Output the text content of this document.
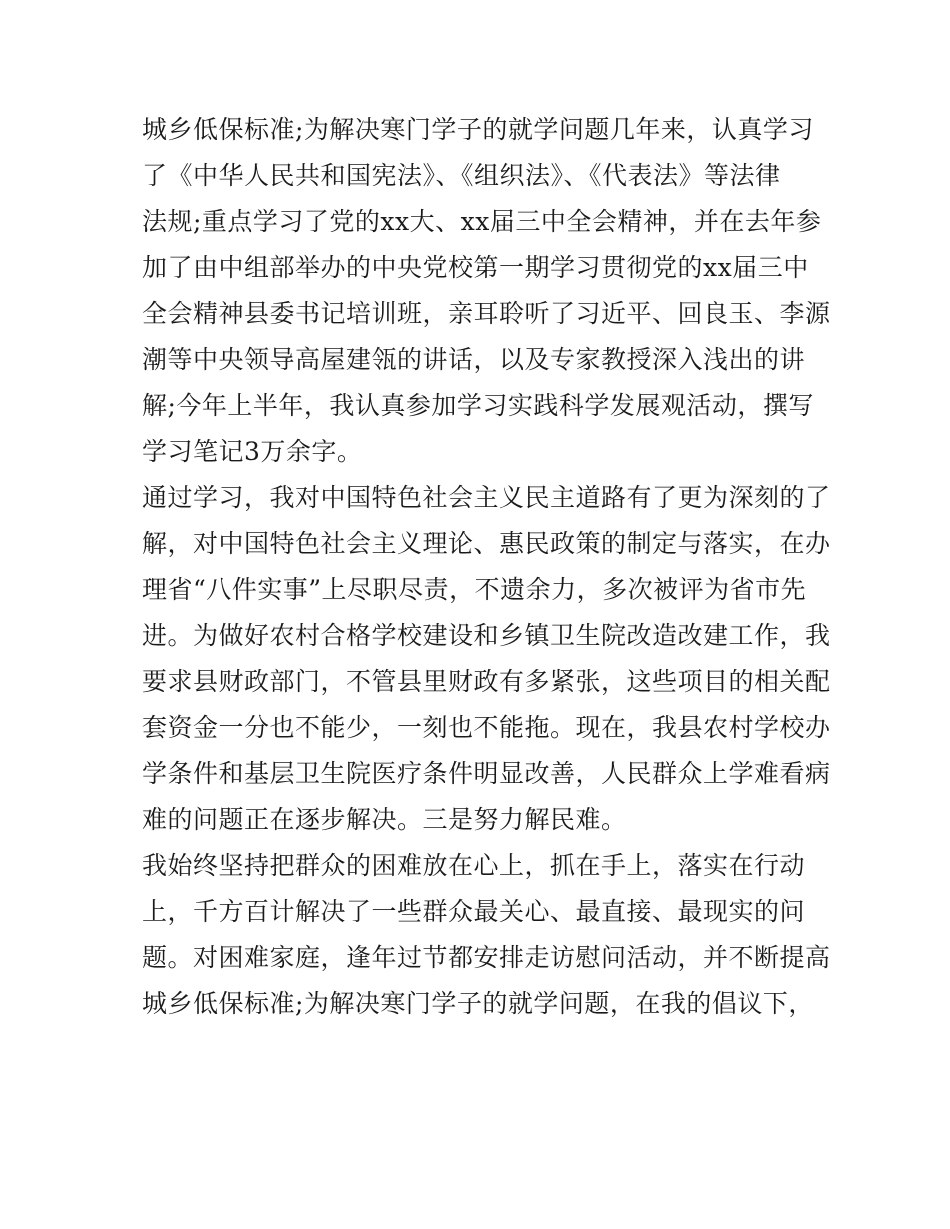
城乡低保标准;为解决寒门学子的就学问题几年来，认真学习
了《中华人民共和国宪法》、《组织法》、《代表法》等法律
法规;重点学习了党的xx大、xx届三中全会精神，并在去年参
加了由中组部举办的中央党校第一期学习贯彻党的xx届三中
全会精神县委书记培训班，亲耳聆听了习近平、回良玉、李源
潮等中央领导高屋建瓴的讲话，以及专家教授深入浅出的讲
解;今年上半年，我认真参加学习实践科学发展观活动，撰写
学习笔记3万余字。
通过学习，我对中国特色社会主义民主道路有了更为深刻的了
解，对中国特色社会主义理论、惠民政策的制定与落实，在办
理省“八件实事”上尽职尽责，不遗余力，多次被评为省市先
进。为做好农村合格学校建设和乡镇卫生院改造改建工作，我
要求县财政部门，不管县里财政有多紧张，这些项目的相关配
套资金一分也不能少，一刻也不能拖。现在，我县农村学校办
学条件和基层卫生院医疗条件明显改善，人民群众上学难看病
难的问题正在逐步解决。三是努力解民难。
我始终坚持把群众的困难放在心上，抓在手上，落实在行动
上，千方百计解决了一些群众最关心、最直接、最现实的问
题。对困难家庭，逢年过节都安排走访慰问活动，并不断提高
城乡低保标准;为解决寒门学子的就学问题，在我的倡议下，
